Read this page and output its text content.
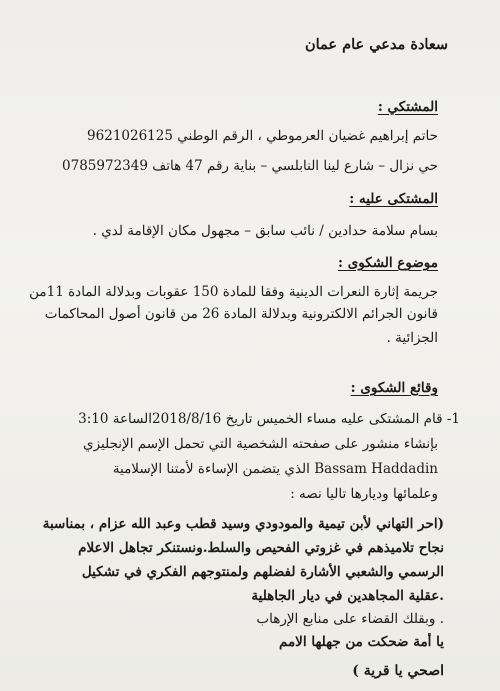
سعادة مدعي عام عمان
المشتكي :
حاتم إبراهيم غضيان العرموطي ، الرقم الوطني 9621026125
حي نزال – شارع لينا النابلسي – بناية رقم 47 هاتف 0785972349
المشتكى عليه :
بسام سلامة حدادين / نائب سابق – مجهول مكان الإقامة لدي .
موضوع الشكوى :
جريمة إثارة النعرات الدينية وفقا للمادة 150 عقوبات وبدلالة المادة 11من
قانون الجرائم الالكترونية وبدلالة المادة 26 من قانون أصول المحاكمات
الجزائية .
وقائع الشكوى :
1- قام المشتكى عليه مساء الخميس تاريخ 2018/8/16الساعة 3:10
بإنشاء منشور على صفحته الشخصية التي تحمل الإسم الإنجليزي
Bassam Haddadin الذي يتضمن الإساءة لأمتنا الإسلامية
وعلمائها وديارها تاليا نصه :
(احر التهاني لأبن تيمية والمودودي وسيد قطب وعبد الله عزام ، بمناسبة
نجاح تلاميذهم في غزوتي الفحيص والسلط.ونستنكر تجاهل الاعلام
الرسمي والشعبي الأشارة لفضلهم ولمنتوجهم الفكري في تشكيل
.عقلية المجاهدين في ديار الجاهلية
. وبقلك القضاء على منابع الإرهاب
يا أمة ضحكت من جهلها الامم
اصحي يا قرية )
